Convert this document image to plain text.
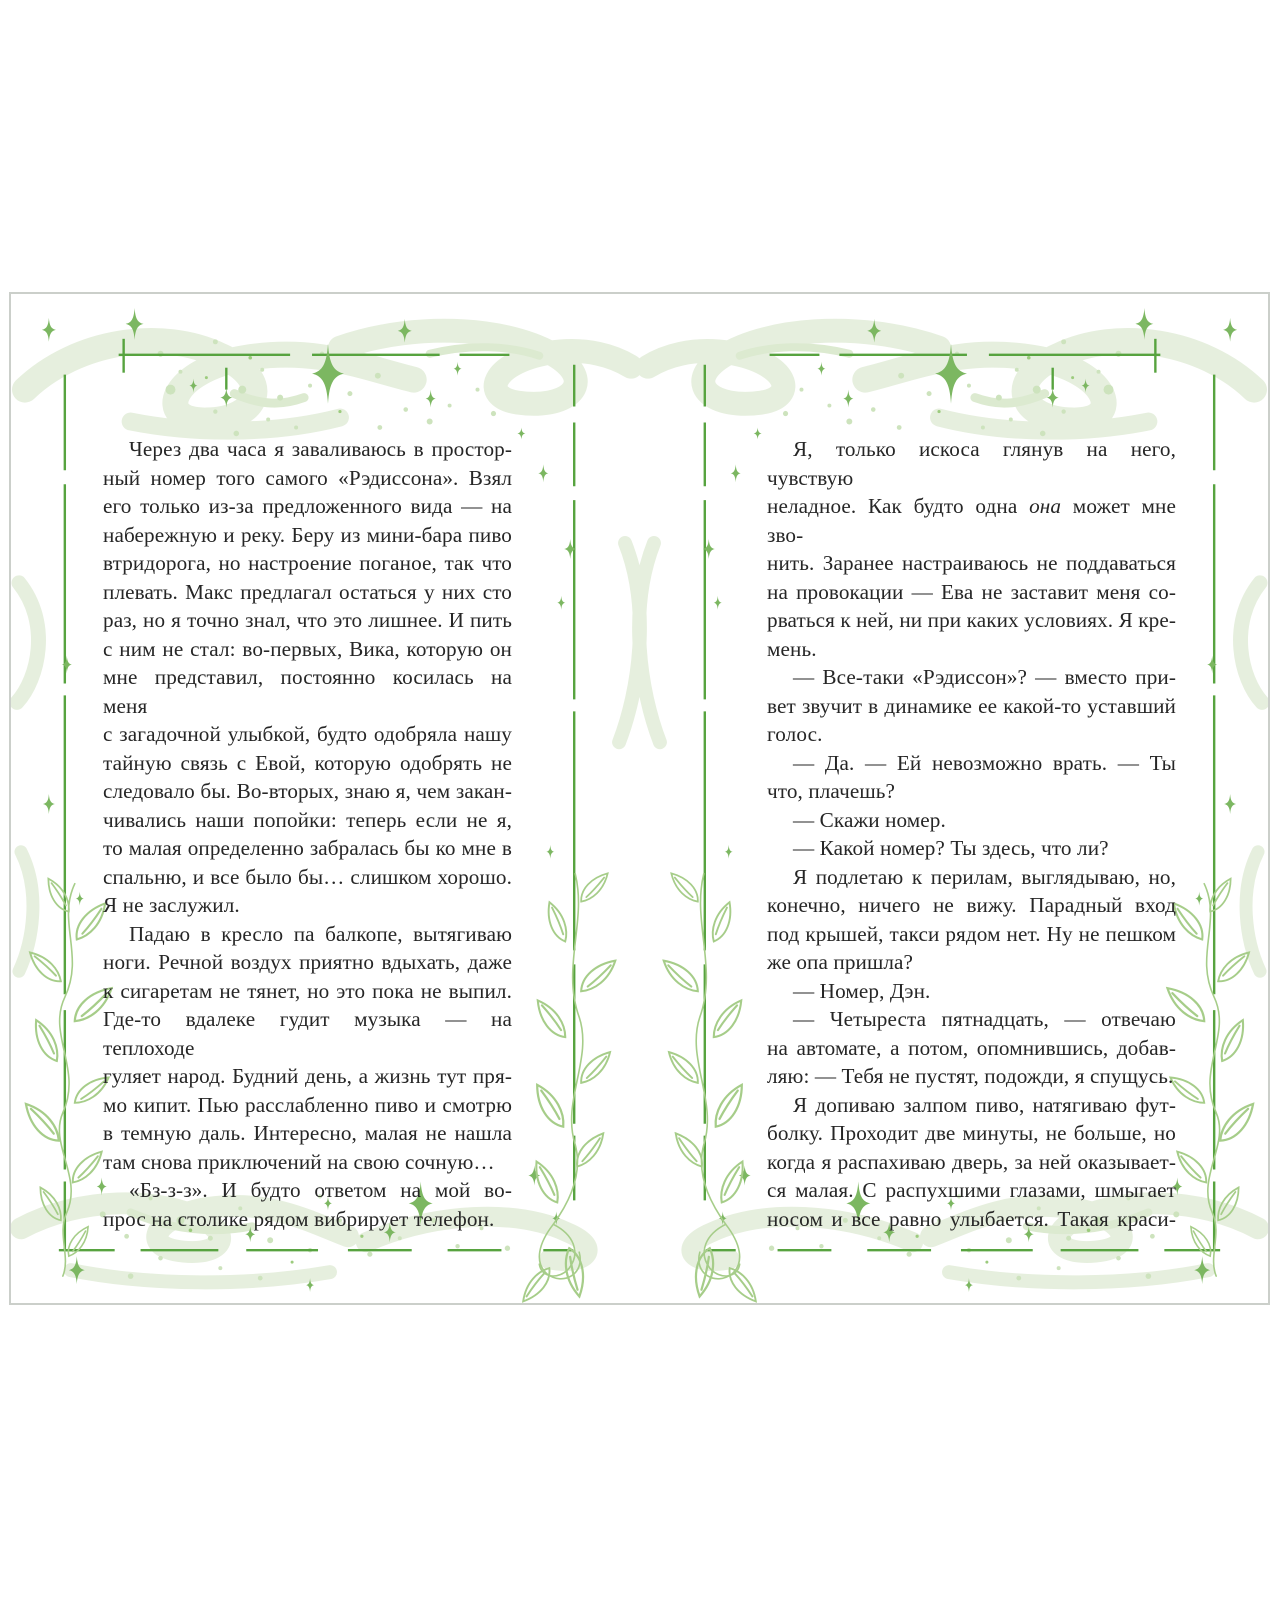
Через два часа я заваливаюсь в простор-
ный номер того самого «Рэдиссона». Взял
его только из-за предложенного вида — на
набережную и реку. Беру из мини-бара пиво
втридорога, но настроение поганое, так что
плевать. Макс предлагал остаться у них сто
раз, но я точно знал, что это лишнее. И пить
с ним не стал: во-первых, Вика, которую он
мне представил, постоянно косилась на меня
с загадочной улыбкой, будто одобряла нашу
тайную связь с Евой, которую одобрять не
следовало бы. Во-вторых, знаю я, чем закан-
чивались наши попойки: теперь если не я,
то малая определенно забралась бы ко мне в
спальню, и все было бы… слишком хорошо.
Я не заслужил.
Падаю в кресло па балкопе, вытягиваю
ноги. Речной воздух приятно вдыхать, даже
к сигаретам не тянет, но это пока не выпил.
Где-то вдалеке гудит музыка — на теплоходе
гуляет народ. Будний день, а жизнь тут пря-
мо кипит. Пью расслабленно пиво и смотрю
в темную даль. Интересно, малая не нашла
там снова приключений на свою сочную…
«Бз-з-з». И будто ответом на мой во-
прос на столике рядом вибрирует телефон.
Я, только искоса глянув на него, чувствую
неладное. Как будто одна она может мне зво-
нить. Заранее настраиваюсь не поддаваться
на провокации — Ева не заставит меня со-
рваться к ней, ни при каких условиях. Я кре-
мень.
— Все-таки «Рэдиссон»? — вместо при-
вет звучит в динамике ее какой-то уставший
голос.
— Да. — Ей невозможно врать. — Ты
что, плачешь?
— Скажи номер.
— Какой номер? Ты здесь, что ли?
Я подлетаю к перилам, выглядываю, но,
конечно, ничего не вижу. Парадный вход
под крышей, такси рядом нет. Ну не пешком
же опа пришла?
— Номер, Дэн.
— Четыреста пятнадцать, — отвечаю
на автомате, а потом, опомнившись, добав-
ляю: — Тебя не пустят, подожди, я спущусь.
Я допиваю залпом пиво, натягиваю фут-
болку. Проходит две минуты, не больше, но
когда я распахиваю дверь, за ней оказывает-
ся малая. С распухшими глазами, шмыгает
носом и все равно улыбается. Такая краси-
